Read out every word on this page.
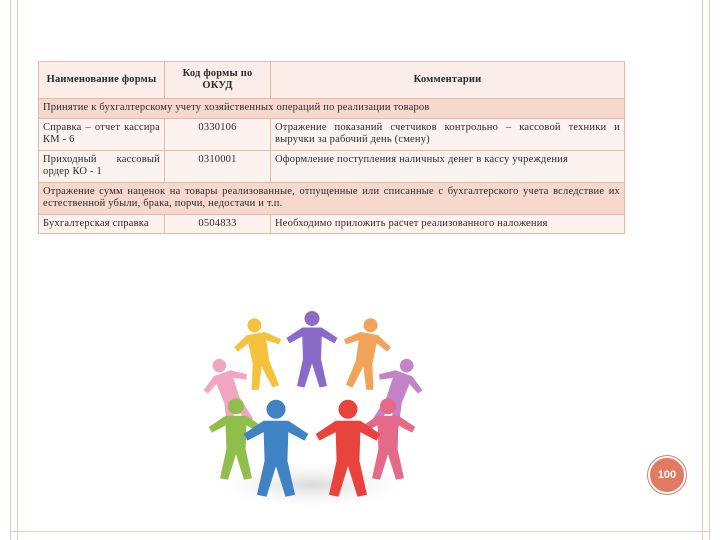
Наименование формы	Код формы по ОКУД	Комментарии
Принятие к бухгалтерскому учету хозяйственных операций по реализации товаров		
Справка – отчет кассира КМ - 6	0330106	Отражение показаний счетчиков контрольно – кассовой техники и выручки за рабочий день (смену)
Приходный кассовый ордер КО - 1	0310001	Оформление поступления наличных денег в кассу учреждения
Отражение сумм наценок на товары реализованные, отпущенные или списанные с бухгалтерского учета вследствие их естественной убыли, брака, порчи, недостачи и т.п.		
Бухгалтерская справка	0504833	Необходимо приложить расчет реализованного наложения
100
